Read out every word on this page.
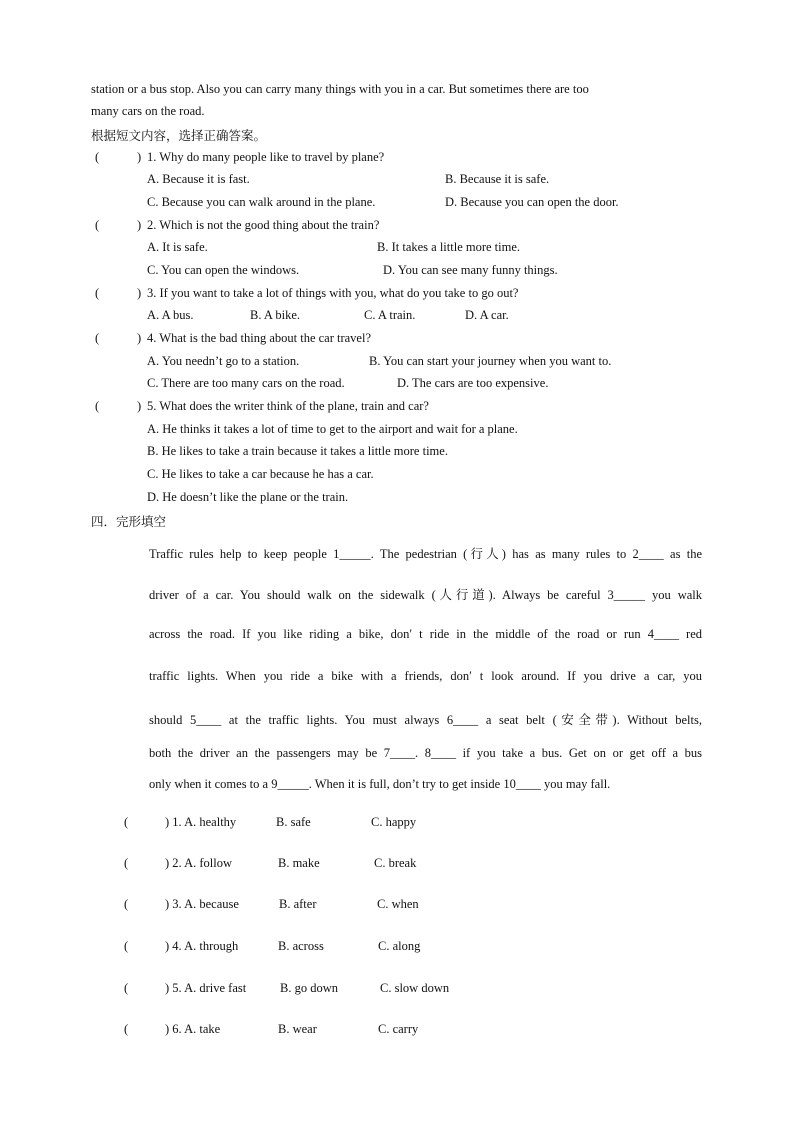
station or a bus stop. Also you can carry many things with you in a car. But sometimes there are too
many cars on the road.
根据短文内容，选择正确答案。
(	) 1. Why do many people like to travel by plane?
A. Because it is fast.	B. Because it is safe.
C. Because you can walk around in the plane.	D. Because you can open the door.
(	) 2. Which is not the good thing about the train?
A. It is safe.	B. It takes a little more time.
C. You can open the windows.	D. You can see many funny things.
(	) 3. If you want to take a lot of things with you, what do you take to go out?
A. A bus.	B. A bike.	C. A train.	D. A car.
(	) 4. What is the bad thing about the car travel?
A. You needn’t go to a station.	B. You can start your journey when you want to.
C. There are too many cars on the road.	D. The cars are too expensive.
(	) 5. What does the writer think of the plane, train and car?
A. He thinks it takes a lot of time to get to the airport and wait for a plane.
B. He likes to take a train because it takes a little more time.
C. He likes to take a car because he has a car.
D. He doesn’t like the plane or the train.
四．完形填空
Traffic rules help to keep people 1_____. The pedestrian (行人) has as many rules to 2____ as the
driver of a car. You should walk on the sidewalk (人行道). Always be careful 3_____ you walk
across the road. If you like riding a bike, don′ t ride in the middle of the road or run 4____ red
traffic lights. When you ride a bike with a friends, don′ t look around. If you drive a car, you
should 5____ at the traffic lights. You must always 6____ a seat belt (安全带). Without belts,
both the driver an the passengers may be 7____. 8____ if you take a bus. Get on or get off a bus
only when it comes to a 9_____. When it is full, don’t try to get inside 10____ you may fall.
(	) 1. A. healthy	B. safe	C. happy
(	) 2. A. follow	B. make	C. break
(	) 3. A. because	B. after	C. when
(	) 4. A. through	B. across	C. along
(	) 5. A. drive fast	B. go down	C. slow down
(	) 6. A. take	B. wear	C. carry
